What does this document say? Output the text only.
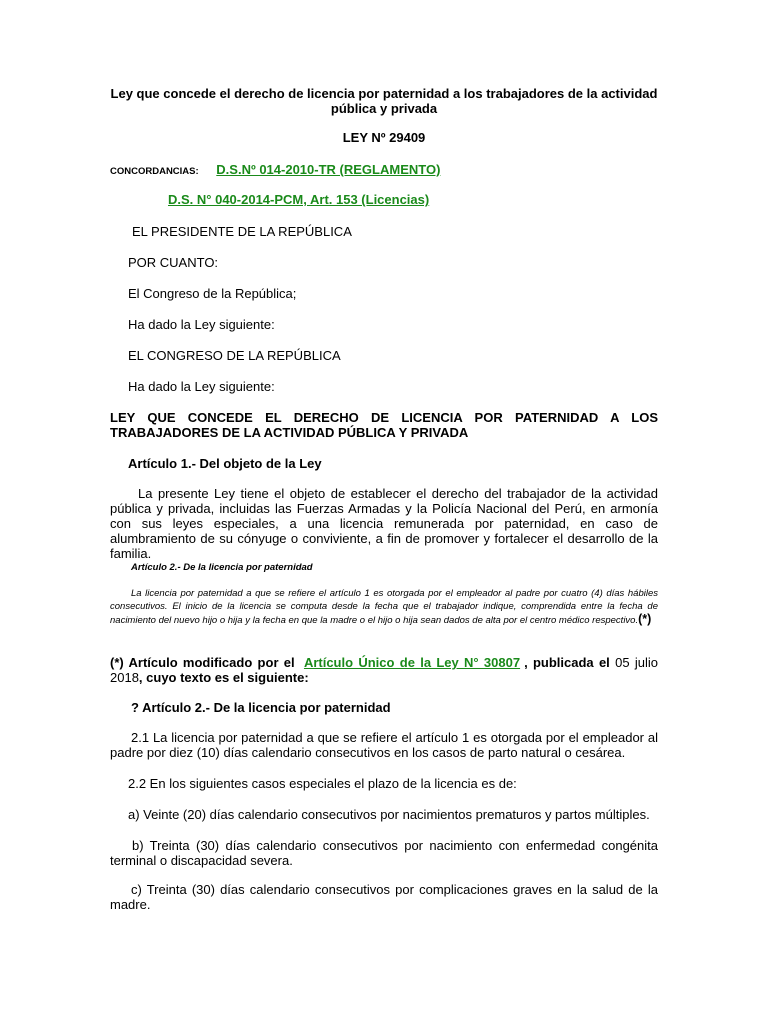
Ley que concede el derecho de licencia por paternidad a los trabajadores de la actividad pública y privada

LEY Nº 29409

CONCORDANCIAS: D.S.Nº 014-2010-TR (REGLAMENTO)
D.S. N° 040-2014-PCM, Art. 153 (Licencias)

EL PRESIDENTE DE LA REPÚBLICA

POR CUANTO:

El Congreso de la República;

Ha dado la Ley siguiente:

EL CONGRESO DE LA REPÚBLICA

Ha dado la Ley siguiente:

LEY QUE CONCEDE EL DERECHO DE LICENCIA POR PATERNIDAD A LOS TRABAJADORES DE LA ACTIVIDAD PÚBLICA Y PRIVADA

Artículo 1.- Del objeto de la Ley

La presente Ley tiene el objeto de establecer el derecho del trabajador de la actividad pública y privada, incluidas las Fuerzas Armadas y la Policía Nacional del Perú, en armonía con sus leyes especiales, a una licencia remunerada por paternidad, en caso de alumbramiento de su cónyuge o conviviente, a fin de promover y fortalecer el desarrollo de la familia.

Artículo 2.- De la licencia por paternidad

La licencia por paternidad a que se refiere el artículo 1 es otorgada por el empleador al padre por cuatro (4) días hábiles consecutivos. El inicio de la licencia se computa desde la fecha que el trabajador indique, comprendida entre la fecha de nacimiento del nuevo hijo o hija y la fecha en que la madre o el hijo o hija sean dados de alta por el centro médico respectivo.(*)

(*) Artículo modificado por el Artículo Único de la Ley N° 30807 , publicada el 05 julio 2018, cuyo texto es el siguiente:

? Artículo 2.- De la licencia por paternidad

2.1 La licencia por paternidad a que se refiere el artículo 1 es otorgada por el empleador al padre por diez (10) días calendario consecutivos en los casos de parto natural o cesárea.

2.2 En los siguientes casos especiales el plazo de la licencia es de:

a) Veinte (20) días calendario consecutivos por nacimientos prematuros y partos múltiples.

b) Treinta (30) días calendario consecutivos por nacimiento con enfermedad congénita terminal o discapacidad severa.

c) Treinta (30) días calendario consecutivos por complicaciones graves en la salud de la madre.
